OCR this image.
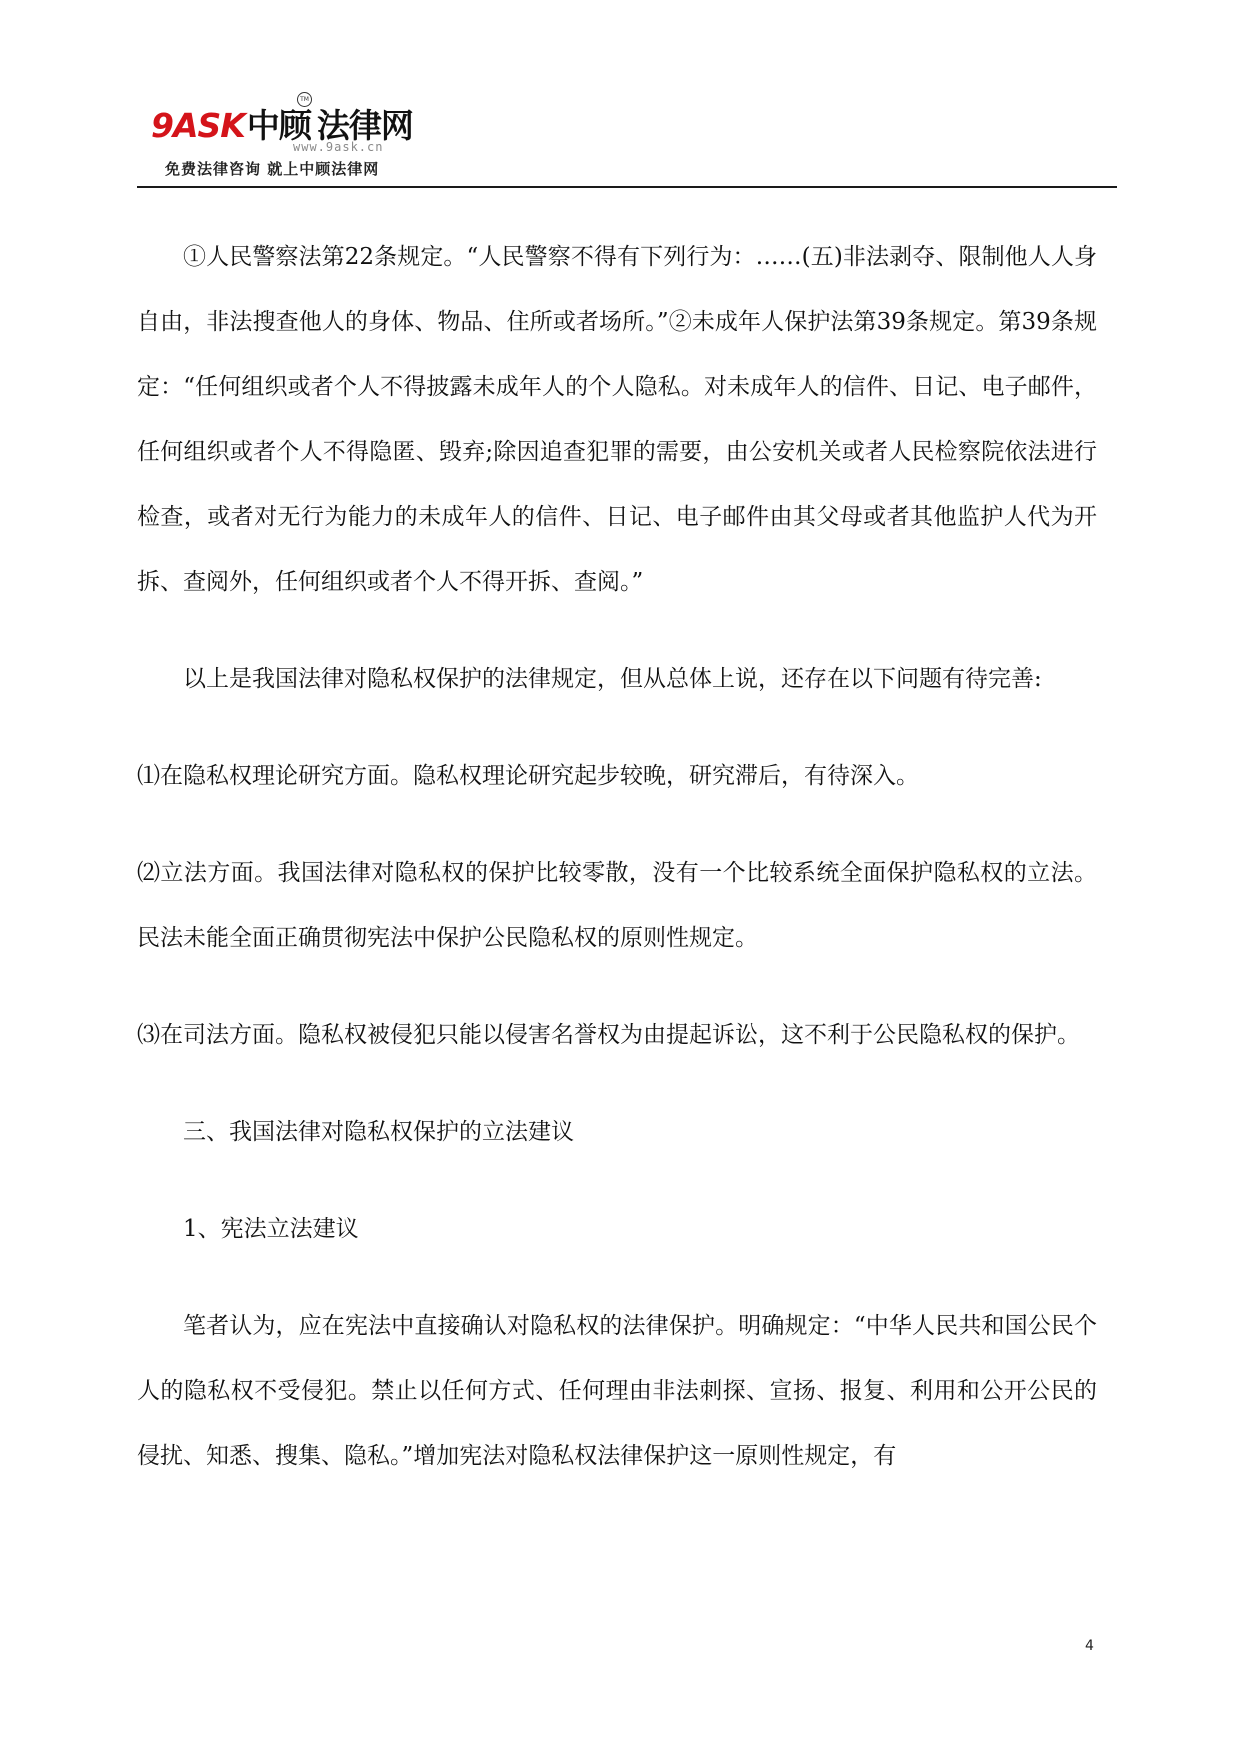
9ASK中顾 法律网
TM
www.9ask.cn
免费法律咨询 就上中顾法律网

①人民警察法第22条规定。“人民警察不得有下列行为：……(五)非法剥夺、限制他人人身自由，非法搜查他人的身体、物品、住所或者场所。”②未成年人保护法第39条规定。第39条规定：“任何组织或者个人不得披露未成年人的个人隐私。对未成年人的信件、日记、电子邮件，任何组织或者个人不得隐匿、毁弃;除因追查犯罪的需要，由公安机关或者人民检察院依法进行检查，或者对无行为能力的未成年人的信件、日记、电子邮件由其父母或者其他监护人代为开拆、查阅外，任何组织或者个人不得开拆、查阅。”

以上是我国法律对隐私权保护的法律规定，但从总体上说，还存在以下问题有待完善:

⑴在隐私权理论研究方面。隐私权理论研究起步较晚，研究滞后，有待深入。

⑵立法方面。我国法律对隐私权的保护比较零散，没有一个比较系统全面保护隐私权的立法。民法未能全面正确贯彻宪法中保护公民隐私权的原则性规定。

⑶在司法方面。隐私权被侵犯只能以侵害名誉权为由提起诉讼，这不利于公民隐私权的保护。

三、我国法律对隐私权保护的立法建议

1、宪法立法建议

笔者认为，应在宪法中直接确认对隐私权的法律保护。明确规定：“中华人民共和国公民个人的隐私权不受侵犯。禁止以任何方式、任何理由非法刺探、宣扬、报复、利用和公开公民的侵扰、知悉、搜集、隐私。”增加宪法对隐私权法律保护这一原则性规定，有

4
